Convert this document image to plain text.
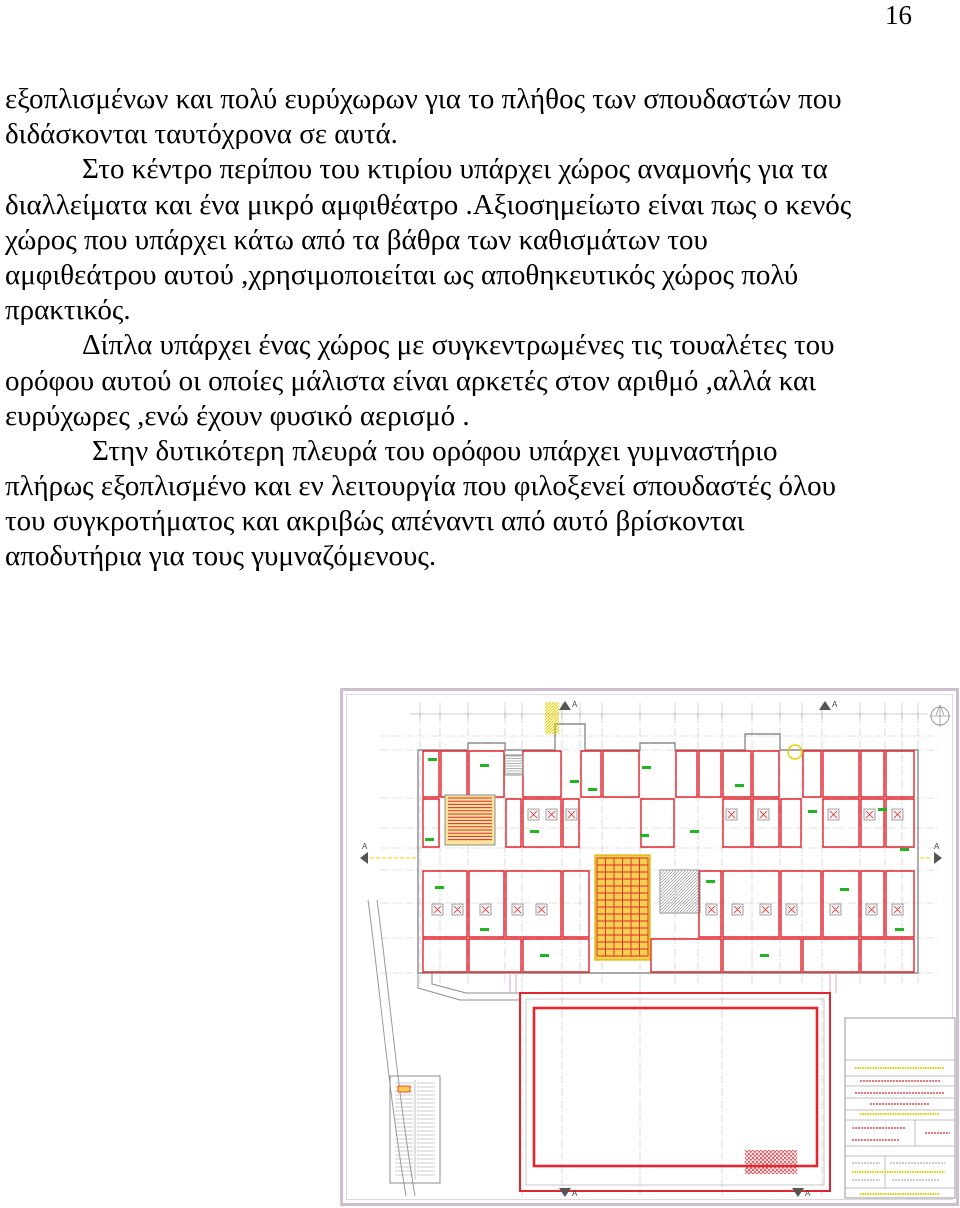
16
εξοπλισμένων και πολύ ευρύχωρων για το πλήθος των σπουδαστών που
διδάσκονται ταυτόχρονα σε αυτά.
Στο κέντρο περίπου του κτιρίου υπάρχει χώρος αναμονής για τα
διαλλείματα και ένα μικρό αμφιθέατρο .Αξιοσημείωτο είναι πως ο κενός
χώρος που υπάρχει κάτω από τα βάθρα των καθισμάτων του
αμφιθεάτρου αυτού ,χρησιμοποιείται ως αποθηκευτικός χώρος πολύ
πρακτικός.
Δίπλα υπάρχει ένας χώρος με συγκεντρωμένες τις τουαλέτες του
ορόφου αυτού οι οποίες μάλιστα είναι αρκετές στον αριθμό ,αλλά και
ευρύχωρες ,ενώ έχουν φυσικό αερισμό .
Στην δυτικότερη πλευρά του ορόφου υπάρχει γυμναστήριο
πλήρως εξοπλισμένο και εν λειτουργία που φιλοξενεί σπουδαστές όλου
του συγκροτήματος και ακριβώς απέναντι από αυτό βρίσκονται
αποδυτήρια για τους γυμναζόμενους.
A	A
A	A
A	A
